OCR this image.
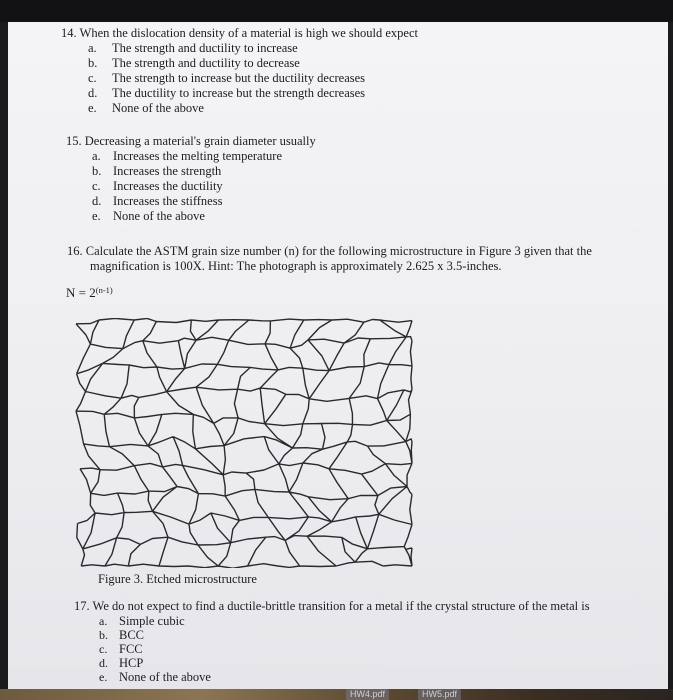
14. When the dislocation density of a material is high we should expect
a. The strength and ductility to increase
b. The strength and ductility to decrease
c. The strength to increase but the ductility decreases
d. The ductility to increase but the strength decreases
e. None of the above
15. Decreasing a material's grain diameter usually
a. Increases the melting temperature
b. Increases the strength
c. Increases the ductility
d. Increases the stiffness
e. None of the above
16. Calculate the ASTM grain size number (n) for the following microstructure in Figure 3 given that the
magnification is 100X. Hint: The photograph is approximately 2.625 x 3.5-inches.
$N = 2^{(n-1)}$
Figure 3. Etched microstructure
17. We do not expect to find a ductile-brittle transition for a metal if the crystal structure of the metal is
a. Simple cubic
b. BCC
c. FCC
d. HCP
e. None of the above
HW4.pdf	HW5.pdf
